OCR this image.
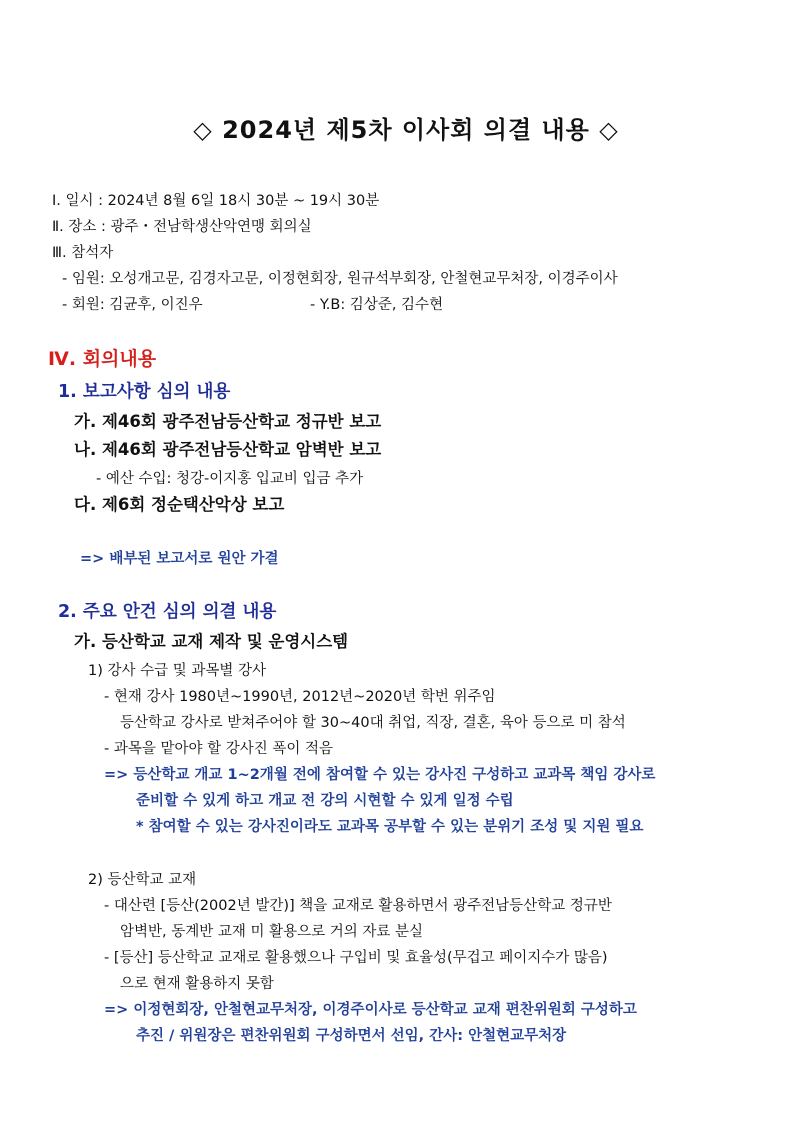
◇ 2024년 제5차 이사회 의결 내용 ◇
Ⅰ. 일시 : 2024년 8월 6일 18시 30분 ~ 19시 30분
Ⅱ. 장소 : 광주・전남학생산악연맹 회의실
Ⅲ. 참석자
- 임원: 오성개고문, 김경자고문, 이정현회장, 원규석부회장, 안철현교무처장, 이경주이사
- 회원: 김균후, 이진우	- Y.B: 김상준, 김수현
Ⅳ. 회의내용
1. 보고사항 심의 내용
가. 제46회 광주전남등산학교 정규반 보고
나. 제46회 광주전남등산학교 암벽반 보고
- 예산 수입: 청강-이지홍 입교비 입금 추가
다. 제6회 정순택산악상 보고
=> 배부된 보고서로 원안 가결
2. 주요 안건 심의 의결 내용
가. 등산학교 교재 제작 및 운영시스템
1) 강사 수급 및 과목별 강사
- 현재 강사 1980년~1990년, 2012년~2020년 학번 위주임
등산학교 강사로 받쳐주어야 할 30~40대 취업, 직장, 결혼, 육아 등으로 미 참석
- 과목을 맡아야 할 강사진 폭이 적음
=> 등산학교 개교 1~2개월 전에 참여할 수 있는 강사진 구성하고 교과목 책임 강사로
준비할 수 있게 하고 개교 전 강의 시현할 수 있게 일정 수립
* 참여할 수 있는 강사진이라도 교과목 공부할 수 있는 분위기 조성 및 지원 필요
2) 등산학교 교재
- 대산련 [등산(2002년 발간)] 책을 교재로 활용하면서 광주전남등산학교 정규반
암벽반, 동계반 교재 미 활용으로 거의 자료 분실
- [등산] 등산학교 교재로 활용했으나 구입비 및 효율성(무겁고 페이지수가 많음)
으로 현재 활용하지 못함
=> 이정현회장, 안철현교무처장, 이경주이사로 등산학교 교재 편찬위원회 구성하고
추진 / 위원장은 편찬위원회 구성하면서 선임, 간사: 안철현교무처장
